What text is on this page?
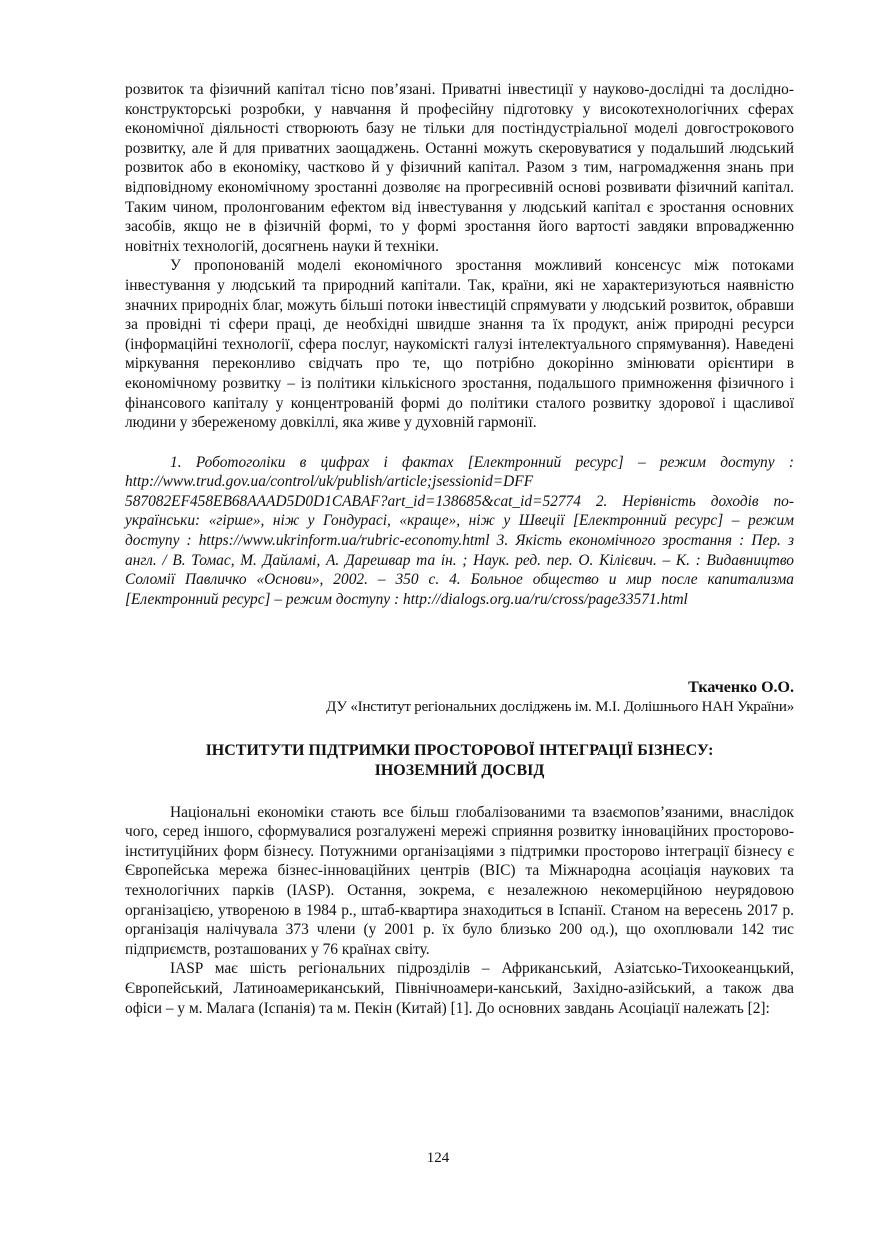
розвиток та фізичний капітал тісно пов’язані. Приватні інвестиції у науково-дослідні та дослідно-конструкторські розробки, у навчання й професійну підготовку у високотехнологічних сферах економічної діяльності створюють базу не тільки для постіндустріальної моделі довгострокового розвитку, але й для приватних заощаджень. Останні можуть скеровуватися у подальший людський розвиток або в економіку, частково й у фізичний капітал. Разом з тим, нагромадження знань при відповідному економічному зростанні дозволяє на прогресивній основі розвивати фізичний капітал. Таким чином, пролонгованим ефектом від інвестування у людський капітал є зростання основних засобів, якщо не в фізичній формі, то у формі зростання його вартості завдяки впровадженню новітніх технологій, досягнень науки й техніки.

У пропонованій моделі економічного зростання можливий консенсус між потоками інвестування у людський та природний капітали. Так, країни, які не характеризуються наявністю значних природніх благ, можуть більші потоки інвестицій спрямувати у людський розвиток, обравши за провідні ті сфери праці, де необхідні швидше знання та їх продукт, аніж природні ресурси (інформаційні технології, сфера послуг, наукоміскті галузі інтелектуального спрямування). Наведені міркування переконливо свідчать про те, що потрібно докорінно змінювати орієнтири в економічному розвитку – із політики кількісного зростання, подальшого примноження фізичного і фінансового капіталу у концентрованій формі до політики сталого розвитку здорової і щасливої людини у збереженому довкіллі, яка живе у духовній гармонії.

1. Роботоголіки в цифрах і фактах [Електронний ресурс] – режим доступу : http://www.trud.gov.ua/control/uk/publish/article;jsessionid=DFF 587082EF458EB68AAAD5D0D1CABAF?art_id=138685&cat_id=52774 2. Нерівність доходів по-українськи: «гірше», ніж у Гондурасі, «краще», ніж у Швеції [Електронний ресурс] – режим доступу : https://www.ukrinform.ua/rubric-economy.html 3. Якість економічного зростання : Пер. з англ. / В. Томас, М. Дайламі, А. Дарешвар та ін. ; Наук. ред. пер. О. Кілієвич. – К. : Видавництво Соломії Павличко «Основи», 2002. – 350 с. 4. Больное общество и мир после капитализма [Електронний ресурс] – режим доступу : http://dialogs.org.ua/ru/cross/page33571.html

Ткаченко О.О.

ДУ «Інститут регіональних досліджень ім. М.І. Долішнього НАН України»

ІНСТИТУТИ ПІДТРИМКИ ПРОСТОРОВОЇ ІНТЕГРАЦІЇ БІЗНЕСУ:
ІНОЗЕМНИЙ ДОСВІД

Національні економіки стають все більш глобалізованими та взаємопов’язаними, внаслідок чого, серед іншого, сформувалися розгалужені мережі сприяння розвитку інноваційних просторово-інституційних форм бізнесу. Потужними організаціями з підтримки просторово інтеграції бізнесу є Європейська мережа бізнес-інноваційних центрів (BIC) та Міжнародна асоціація наукових та технологічних парків (IASP). Остання, зокрема, є незалежною некомерційною неурядовою організацією, утвореною в 1984 р., штаб-квартира знаходиться в Іспанії. Станом на вересень 2017 р. організація налічувала 373 члени (у 2001 р. їх було близько 200 од.), що охоплювали 142 тис підприємств, розташованих у 76 країнах світу.

IASP має шість регіональних підрозділів – Африканський, Азіатсько-Тихоокеанцький, Європейський, Латиноамериканський, Північноамери-канський, Західно-азійський, а також два офіси – у м. Малага (Іспанія) та м. Пекін (Китай) [1]. До основних завдань Асоціації належать [2]:

124
